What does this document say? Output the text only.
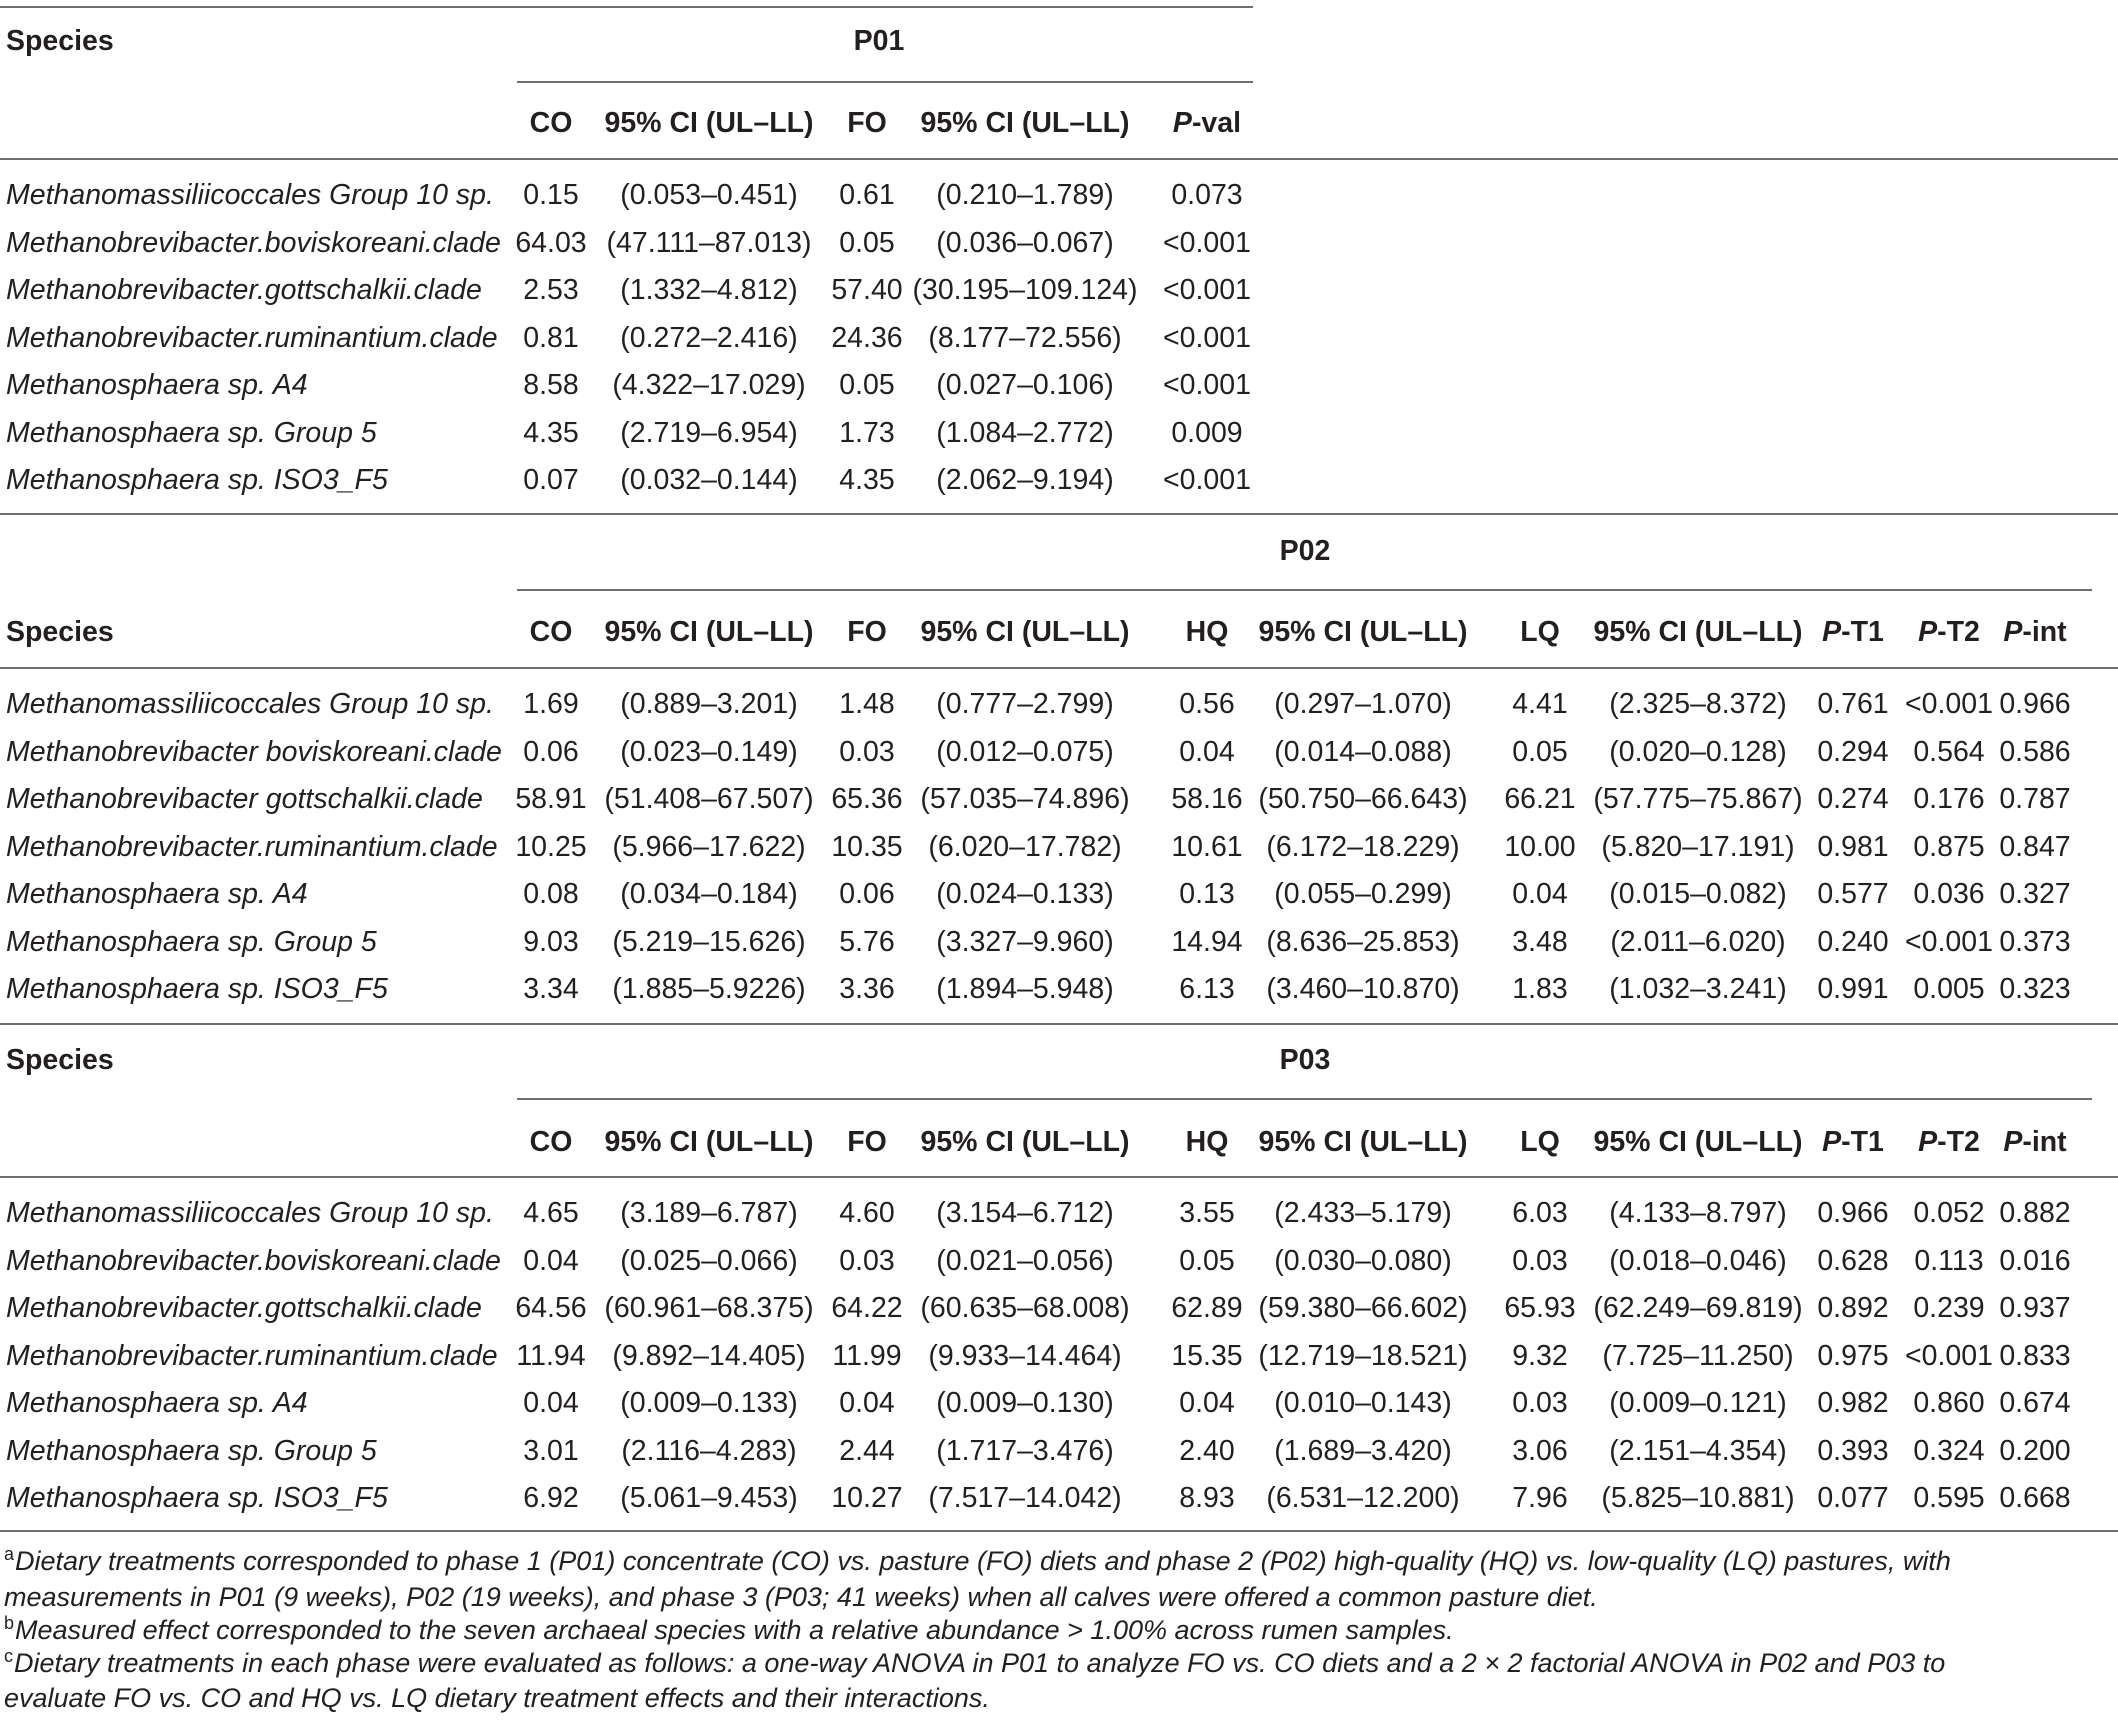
Species	P01
CO 95% CI (UL–LL) FO 95% CI (UL–LL) P-val
Methanomassiliicoccales Group 10 sp. 0.15 (0.053–0.451) 0.61 (0.210–1.789) 0.073
Methanobrevibacter.boviskoreani.clade 64.03 (47.111–87.013) 0.05 (0.036–0.067) <0.001
Methanobrevibacter.gottschalkii.clade 2.53 (1.332–4.812) 57.40 (30.195–109.124) <0.001
Methanobrevibacter.ruminantium.clade 0.81 (0.272–2.416) 24.36 (8.177–72.556) <0.001
Methanosphaera sp. A4	8.58 (4.322–17.029) 0.05 (0.027–0.106) <0.001
Methanosphaera sp. Group 5	4.35 (2.719–6.954) 1.73 (1.084–2.772) 0.009
Methanosphaera sp. ISO3_F5	0.07 (0.032–0.144) 4.35 (2.062–9.194) <0.001
Species
P02
CO 95% CI (UL–LL) FO 95% CI (UL–LL) HQ 95% CI (UL–LL) LQ 95% CI (UL–LL) P-T1 P-T2 P-int
Methanomassiliicoccales Group 10 sp. 1.69 (0.889–3.201) 1.48 (0.777–2.799) 0.56 (0.297–1.070) 4.41 (2.325–8.372) 0.761 <0.001 0.966
Methanobrevibacter boviskoreani.clade 0.06 (0.023–0.149) 0.03 (0.012–0.075) 0.04 (0.014–0.088) 0.05 (0.020–0.128) 0.294 0.564 0.586
Methanobrevibacter gottschalkii.clade 58.91 (51.408–67.507) 65.36 (57.035–74.896) 58.16 (50.750–66.643) 66.21 (57.775–75.867) 0.274 0.176 0.787
Methanobrevibacter.ruminantium.clade 10.25 (5.966–17.622) 10.35 (6.020–17.782) 10.61 (6.172–18.229) 10.00 (5.820–17.191) 0.981 0.875 0.847
Methanosphaera sp. A4	0.08 (0.034–0.184) 0.06 (0.024–0.133) 0.13 (0.055–0.299) 0.04 (0.015–0.082) 0.577 0.036 0.327
Methanosphaera sp. Group 5	9.03 (5.219–15.626) 5.76 (3.327–9.960) 14.94 (8.636–25.853) 3.48 (2.011–6.020) 0.240 <0.001 0.373
Methanosphaera sp. ISO3_F5	3.34 (1.885–5.9226) 3.36 (1.894–5.948) 6.13 (3.460–10.870) 1.83 (1.032–3.241) 0.991 0.005 0.323
Species	P03
CO 95% CI (UL–LL) FO 95% CI (UL–LL) HQ 95% CI (UL–LL) LQ 95% CI (UL–LL) P-T1 P-T2 P-int
Methanomassiliicoccales Group 10 sp. 4.65 (3.189–6.787) 4.60 (3.154–6.712) 3.55 (2.433–5.179) 6.03 (4.133–8.797) 0.966 0.052 0.882
Methanobrevibacter.boviskoreani.clade 0.04 (0.025–0.066) 0.03 (0.021–0.056) 0.05 (0.030–0.080) 0.03 (0.018–0.046) 0.628 0.113 0.016
Methanobrevibacter.gottschalkii.clade 64.56 (60.961–68.375) 64.22 (60.635–68.008) 62.89 (59.380–66.602) 65.93 (62.249–69.819) 0.892 0.239 0.937
Methanobrevibacter.ruminantium.clade 11.94 (9.892–14.405) 11.99 (9.933–14.464) 15.35 (12.719–18.521) 9.32 (7.725–11.250) 0.975 <0.001 0.833
Methanosphaera sp. A4	0.04 (0.009–0.133) 0.04 (0.009–0.130) 0.04 (0.010–0.143) 0.03 (0.009–0.121) 0.982 0.860 0.674
Methanosphaera sp. Group 5	3.01 (2.116–4.283) 2.44 (1.717–3.476) 2.40 (1.689–3.420) 3.06 (2.151–4.354) 0.393 0.324 0.200
Methanosphaera sp. ISO3_F5	6.92 (5.061–9.453) 10.27 (7.517–14.042) 8.93 (6.531–12.200) 7.96 (5.825–10.881) 0.077 0.595 0.668
$^a$Dietary treatments corresponded to phase 1 (P01) concentrate (CO) vs. pasture (FO) diets and phase 2 (P02) high-quality (HQ) vs. low-quality (LQ) pastures, with
measurements in P01 (9 weeks), P02 (19 weeks), and phase 3 (P03; 41 weeks) when all calves were offered a common pasture diet.
$^b$Measured effect corresponded to the seven archaeal species with a relative abundance > 1.00% across rumen samples.
$^c$Dietary treatments in each phase were evaluated as follows: a one-way ANOVA in P01 to analyze FO vs. CO diets and a 2 × 2 factorial ANOVA in P02 and P03 to
evaluate FO vs. CO and HQ vs. LQ dietary treatment effects and their interactions.
